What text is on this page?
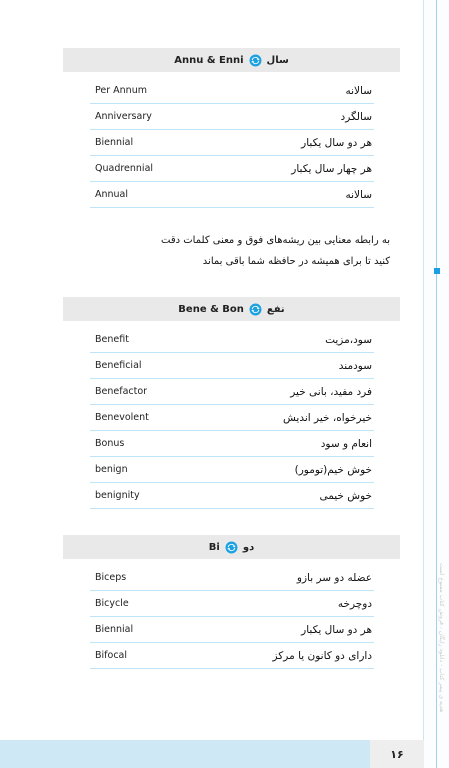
هدیه ی پیمر کتاب - دانلود رایگان ، فروش کتاب ممنوع است
سال
Annu & Enni
Per Annum	سالانه
Anniversary	سالگرد
Biennial	هر دو سال یکبار
Quadrennial	هر چهار سال یکبار
Annual	سالانه
به رابطه معنایی بین ریشه‌های فوق و معنی کلمات دقت
کنید تا برای همیشه در حافظه شما باقی بماند
نفع
Bene & Bon
Benefit	سود،مزیت
Beneficial	سودمند
Benefactor	فرد مفید، بانی خیر
Benevolent	خیرخواه، خیر اندیش
Bonus	انعام و سود
benign	خوش خیم(تومور)
benignity	خوش خیمی
دو
Bi
Biceps	عضله دو سر بازو
Bicycle	دوچرخه
Biennial	هر دو سال یکبار
Bifocal	دارای دو کانون یا مرکز
۱۶
